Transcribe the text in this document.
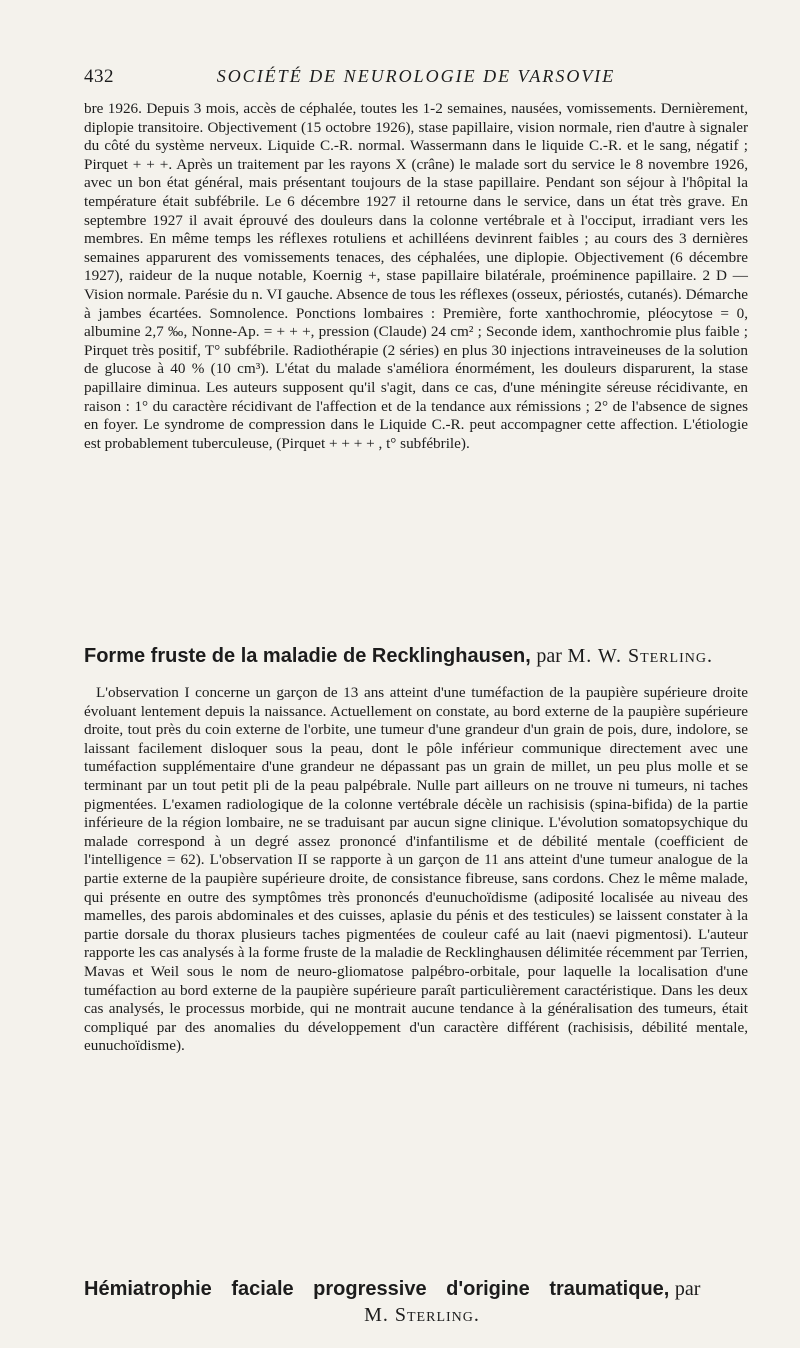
432	SOCIÉTÉ DE NEUROLOGIE DE VARSOVIE

bre 1926. Depuis 3 mois, accès de céphalée, toutes les 1-2 semaines, nausées, vomissements. Dernièrement, diplopie transitoire. Objectivement (15 octobre 1926), stase papillaire, vision normale, rien d'autre à signaler du côté du système nerveux. Liquide C.-R. normal. Wassermann dans le liquide C.-R. et le sang, négatif ; Pirquet + + +. Après un traitement par les rayons X (crâne) le malade sort du service le 8 novembre 1926, avec un bon état général, mais présentant toujours de la stase papillaire. Pendant son séjour à l'hôpital la température était subfébrile. Le 6 décembre 1927 il retourne dans le service, dans un état très grave. En septembre 1927 il avait éprouvé des douleurs dans la colonne vertébrale et à l'occiput, irradiant vers les membres. En même temps les réflexes rotuliens et achilléens devinrent faibles ; au cours des 3 dernières semaines apparurent des vomissements tenaces, des céphalées, une diplopie. Objectivement (6 décembre 1927), raideur de la nuque notable, Koernig +, stase papillaire bilatérale, proéminence papillaire. 2 D — Vision normale. Parésie du n. VI gauche. Absence de tous les réflexes (osseux, périostés, cutanés). Démarche à jambes écartées. Somnolence. Ponctions lombaires : Première, forte xanthochromie, pléocytose = 0, albumine 2,7 ‰, Nonne-Ap. = + + +, pression (Claude) 24 cm² ; Seconde idem, xanthochromie plus faible ; Pirquet très positif, T° subfébrile. Radiothérapie (2 séries) en plus 30 injections intraveineuses de la solution de glucose à 40 % (10 cm³). L'état du malade s'améliora énormément, les douleurs disparurent, la stase papillaire diminua. Les auteurs supposent qu'il s'agit, dans ce cas, d'une méningite séreuse récidivante, en raison : 1° du caractère récidivant de l'affection et de la tendance aux rémissions ; 2° de l'absence de signes en foyer. Le syndrome de compression dans le Liquide C.-R. peut accompagner cette affection. L'étiologie est probablement tuberculeuse, (Pirquet + + + + , t° subfébrile).

Forme fruste de la maladie de Recklinghausen, par M. W. Sterling.

L'observation I concerne un garçon de 13 ans atteint d'une tuméfaction de la paupière supérieure droite évoluant lentement depuis la naissance. Actuellement on constate, au bord externe de la paupière supérieure droite, tout près du coin externe de l'orbite, une tumeur d'une grandeur d'un grain de pois, dure, indolore, se laissant facilement disloquer sous la peau, dont le pôle inférieur communique directement avec une tuméfaction supplémentaire d'une grandeur ne dépassant pas un grain de millet, un peu plus molle et se terminant par un tout petit pli de la peau palpébrale. Nulle part ailleurs on ne trouve ni tumeurs, ni taches pigmentées. L'examen radiologique de la colonne vertébrale décèle un rachisisis (spina-bifida) de la partie inférieure de la région lombaire, ne se traduisant par aucun signe clinique. L'évolution somatopsychique du malade correspond à un degré assez prononcé d'infantilisme et de débilité mentale (coefficient de l'intelligence = 62). L'observation II se rapporte à un garçon de 11 ans atteint d'une tumeur analogue de la partie externe de la paupière supérieure droite, de consistance fibreuse, sans cordons. Chez le même malade, qui présente en outre des symptômes très prononcés d'eunuchoïdisme (adiposité localisée au niveau des mamelles, des parois abdominales et des cuisses, aplasie du pénis et des testicules) se laissent constater à la partie dorsale du thorax plusieurs taches pigmentées de couleur café au lait (naevi pigmentosi). L'auteur rapporte les cas analysés à la forme fruste de la maladie de Recklinghausen délimitée récemment par Terrien, Mavas et Weil sous le nom de neuro-gliomatose palpébro-orbitale, pour laquelle la localisation d'une tuméfaction au bord externe de la paupière supérieure paraît particulièrement caractéristique. Dans les deux cas analysés, le processus morbide, qui ne montrait aucune tendance à la généralisation des tumeurs, était compliqué par des anomalies du développement d'un caractère différent (rachisisis, débilité mentale, eunuchoïdisme).

Hémiatrophie faciale progressive d'origine traumatique, par
M. Sterling.
